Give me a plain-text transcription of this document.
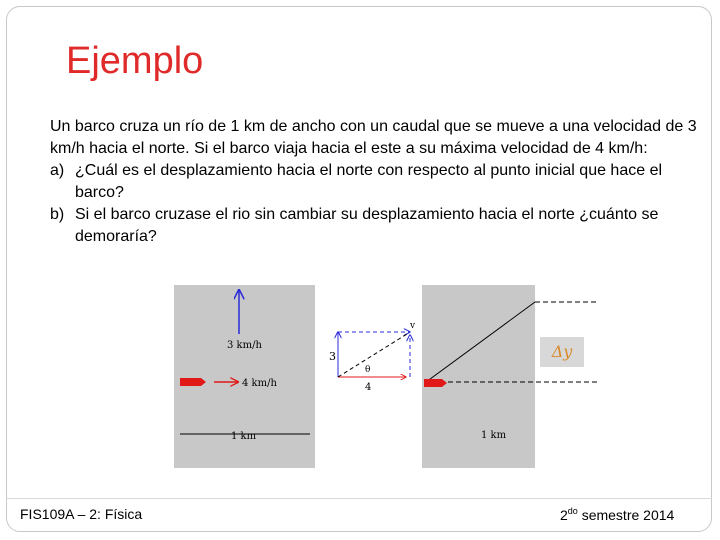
Ejemplo

Un barco cruza un río de 1 km de ancho con un caudal que se mueve a una velocidad de 3 km/h hacia el norte. Si el barco viaja hacia el este a su máxima velocidad de 4 km/h:

a) ¿Cuál es el desplazamiento hacia el norte con respecto al punto inicial que hace el barco?
b) Si el barco cruzase el rio sin cambiar su desplazamiento hacia el norte ¿cuánto se demoraría?
3 km/h
4 km/h
1 km
3
4
θ
v
1 km
Δy
FIS109A – 2: Física	$2^{do}$ semestre 2014
